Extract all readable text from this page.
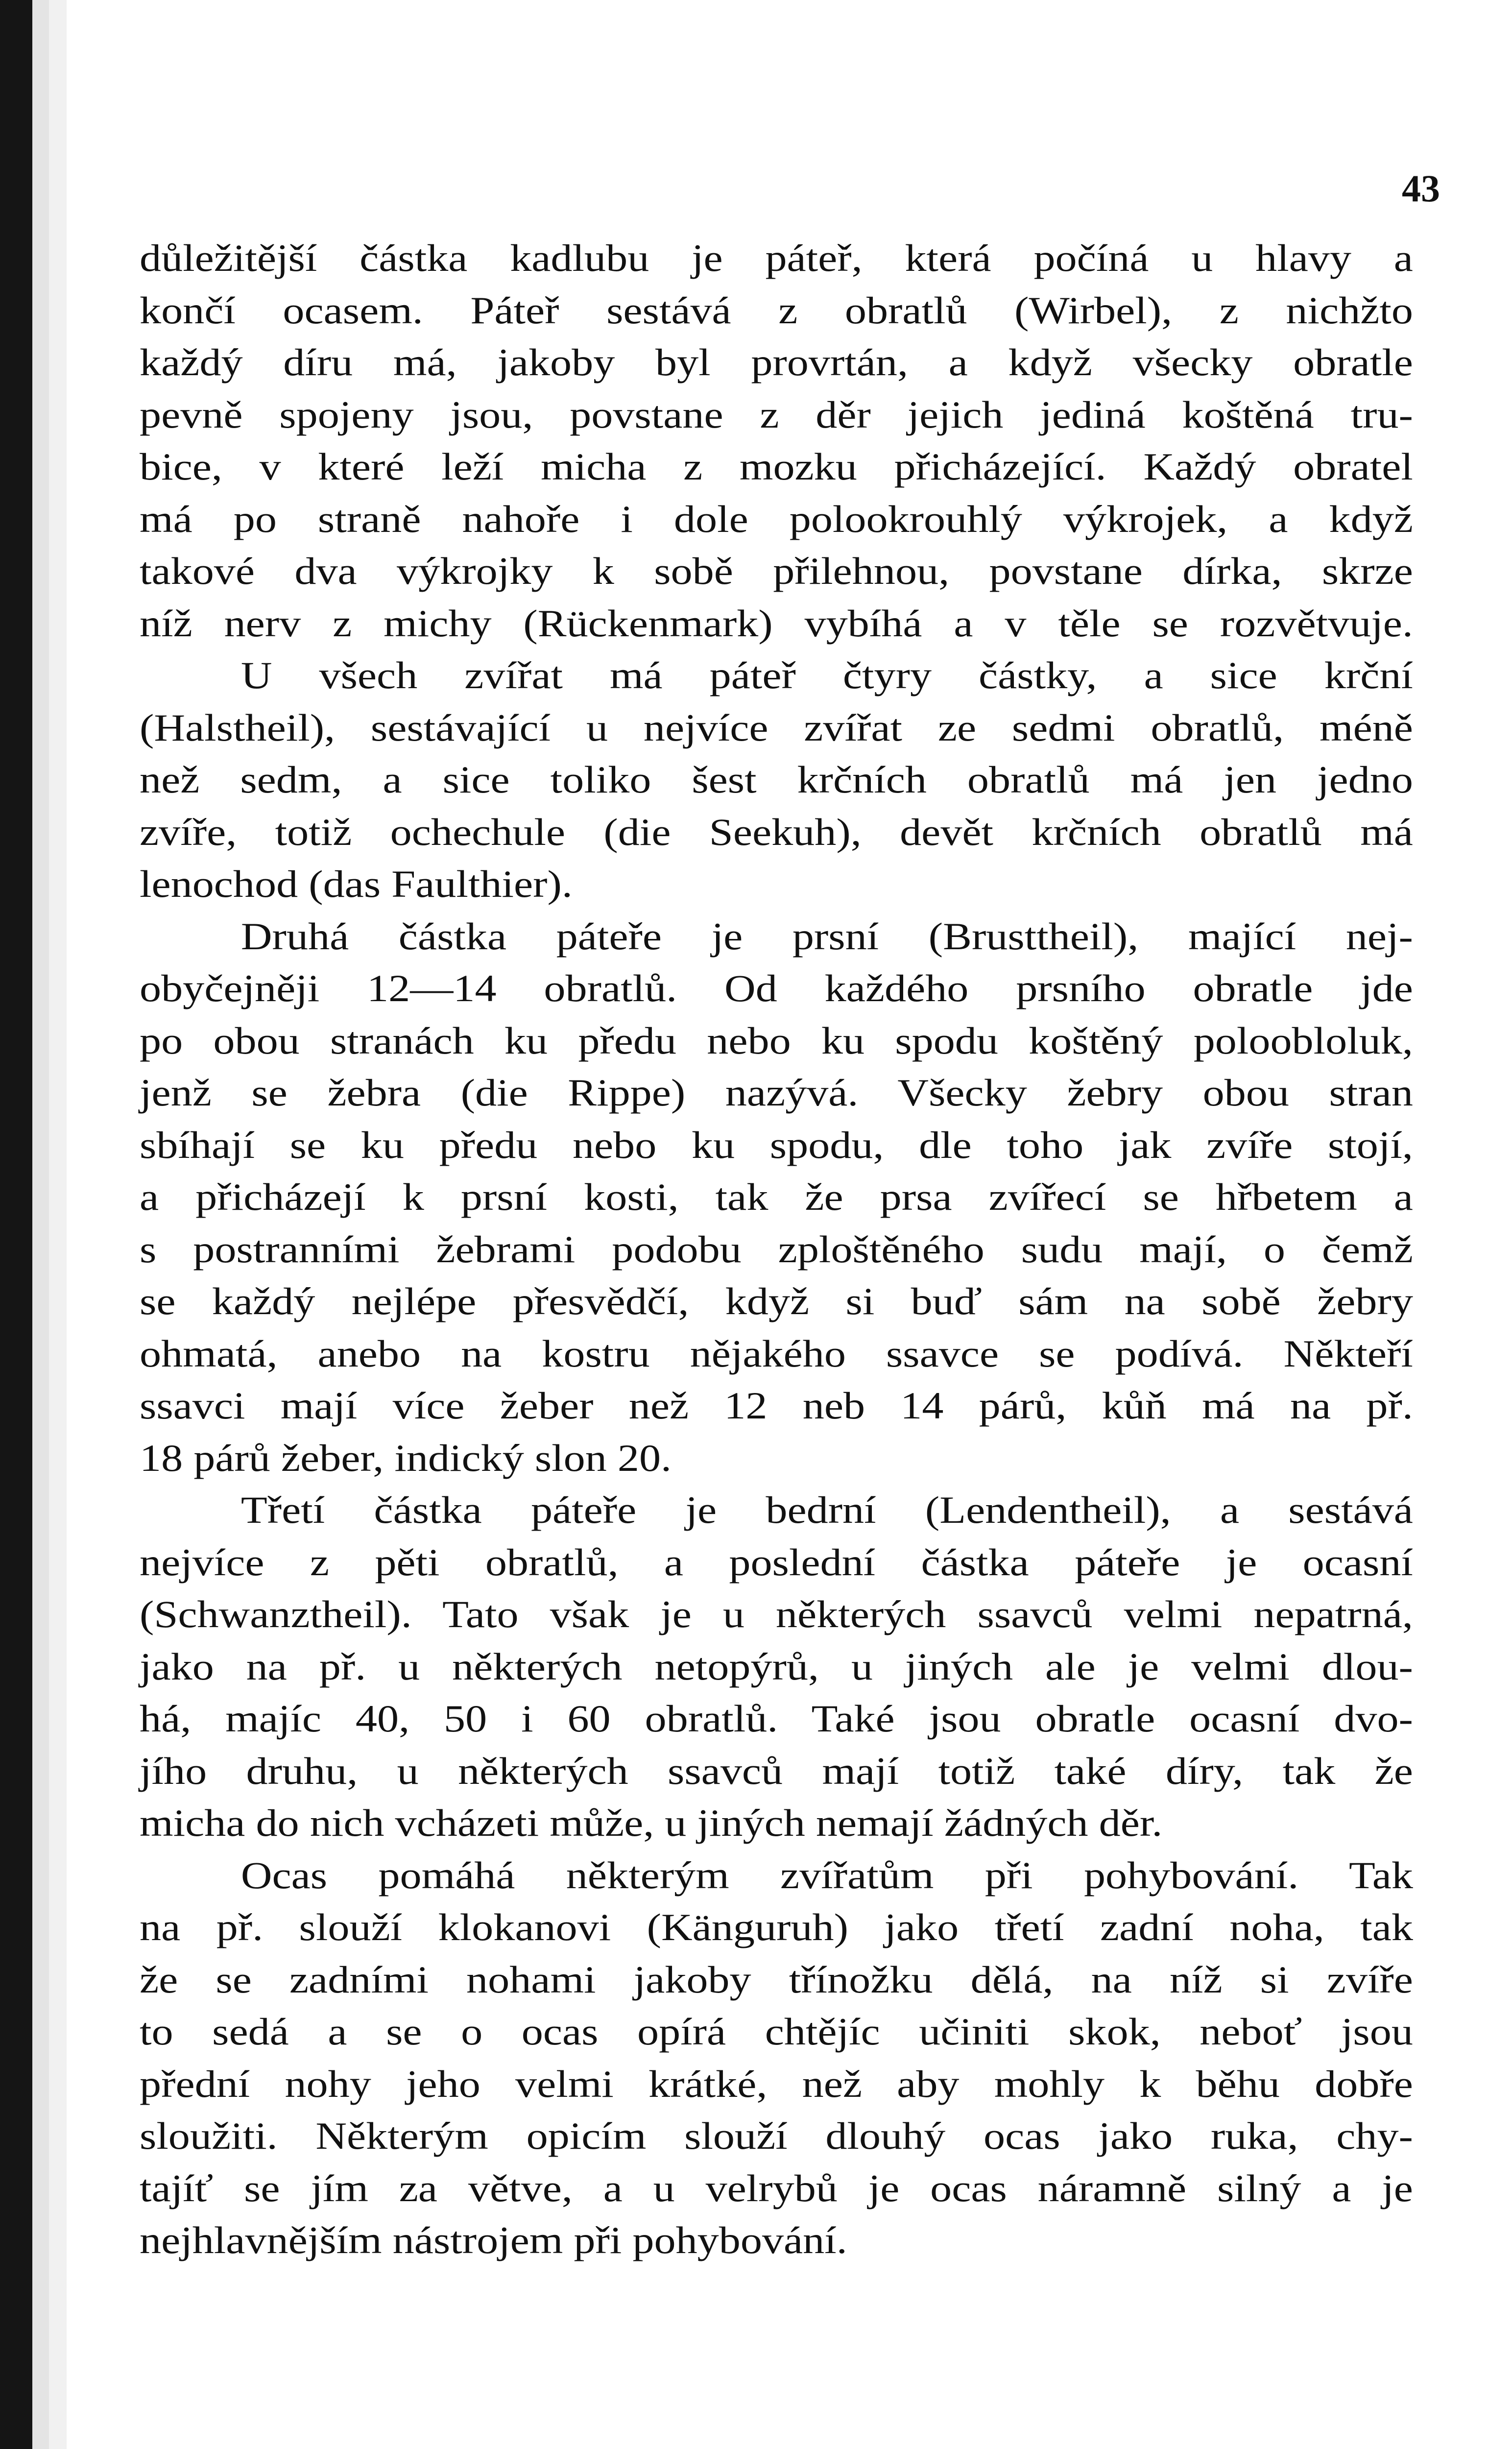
43
důležitější částka kadlubu je páteř, která počíná u hlavy a
končí ocasem. Páteř sestává z obratlů (Wirbel), z nichžto
každý díru má, jakoby byl provrtán, a když všecky obratle
pevně spojeny jsou, povstane z děr jejich jediná koštěná tru-
bice, v které leží micha z mozku přicházející. Každý obratel
má po straně nahoře i dole polookrouhlý výkrojek, a když
takové dva výkrojky k sobě přilehnou, povstane dírka, skrze
níž nerv z michy (Rückenmark) vybíhá a v těle se rozvětvuje.
U všech zvířat má páteř čtyry částky, a sice krční
(Halstheil), sestávající u nejvíce zvířat ze sedmi obratlů, méně
než sedm, a sice toliko šest krčních obratlů má jen jedno
zvíře, totiž ochechule (die Seekuh), devět krčních obratlů má
lenochod (das Faulthier).
Druhá částka páteře je prsní (Brusttheil), mající nej-
obyčejněji 12—14 obratlů. Od každého prsního obratle jde
po obou stranách ku předu nebo ku spodu koštěný poloobloluk,
jenž se žebra (die Rippe) nazývá. Všecky žebry obou stran
sbíhají se ku předu nebo ku spodu, dle toho jak zvíře stojí,
a přicházejí k prsní kosti, tak že prsa zvířecí se hřbetem a
s postranními žebrami podobu zploštěného sudu mají, o čemž
se každý nejlépe přesvědčí, když si buď sám na sobě žebry
ohmatá, anebo na kostru nějakého ssavce se podívá. Někteří
ssavci mají více žeber než 12 neb 14 párů, kůň má na př.
18 párů žeber, indický slon 20.
Třetí částka páteře je bedrní (Lendentheil), a sestává
nejvíce z pěti obratlů, a poslední částka páteře je ocasní
(Schwanztheil). Tato však je u některých ssavců velmi nepatrná,
jako na př. u některých netopýrů, u jiných ale je velmi dlou-
há, majíc 40, 50 i 60 obratlů. Také jsou obratle ocasní dvo-
jího druhu, u některých ssavců mají totiž také díry, tak že
micha do nich vcházeti může, u jiných nemají žádných děr.
Ocas pomáhá některým zvířatům při pohybování. Tak
na př. slouží klokanovi (Känguruh) jako třetí zadní noha, tak
že se zadními nohami jakoby třínožku dělá, na níž si zvíře
to sedá a se o ocas opírá chtějíc učiniti skok, neboť jsou
přední nohy jeho velmi krátké, než aby mohly k běhu dobře
sloužiti. Některým opicím slouží dlouhý ocas jako ruka, chy-
tajíť se jím za větve, a u velrybů je ocas náramně silný a je
nejhlavnějším nástrojem při pohybování.
